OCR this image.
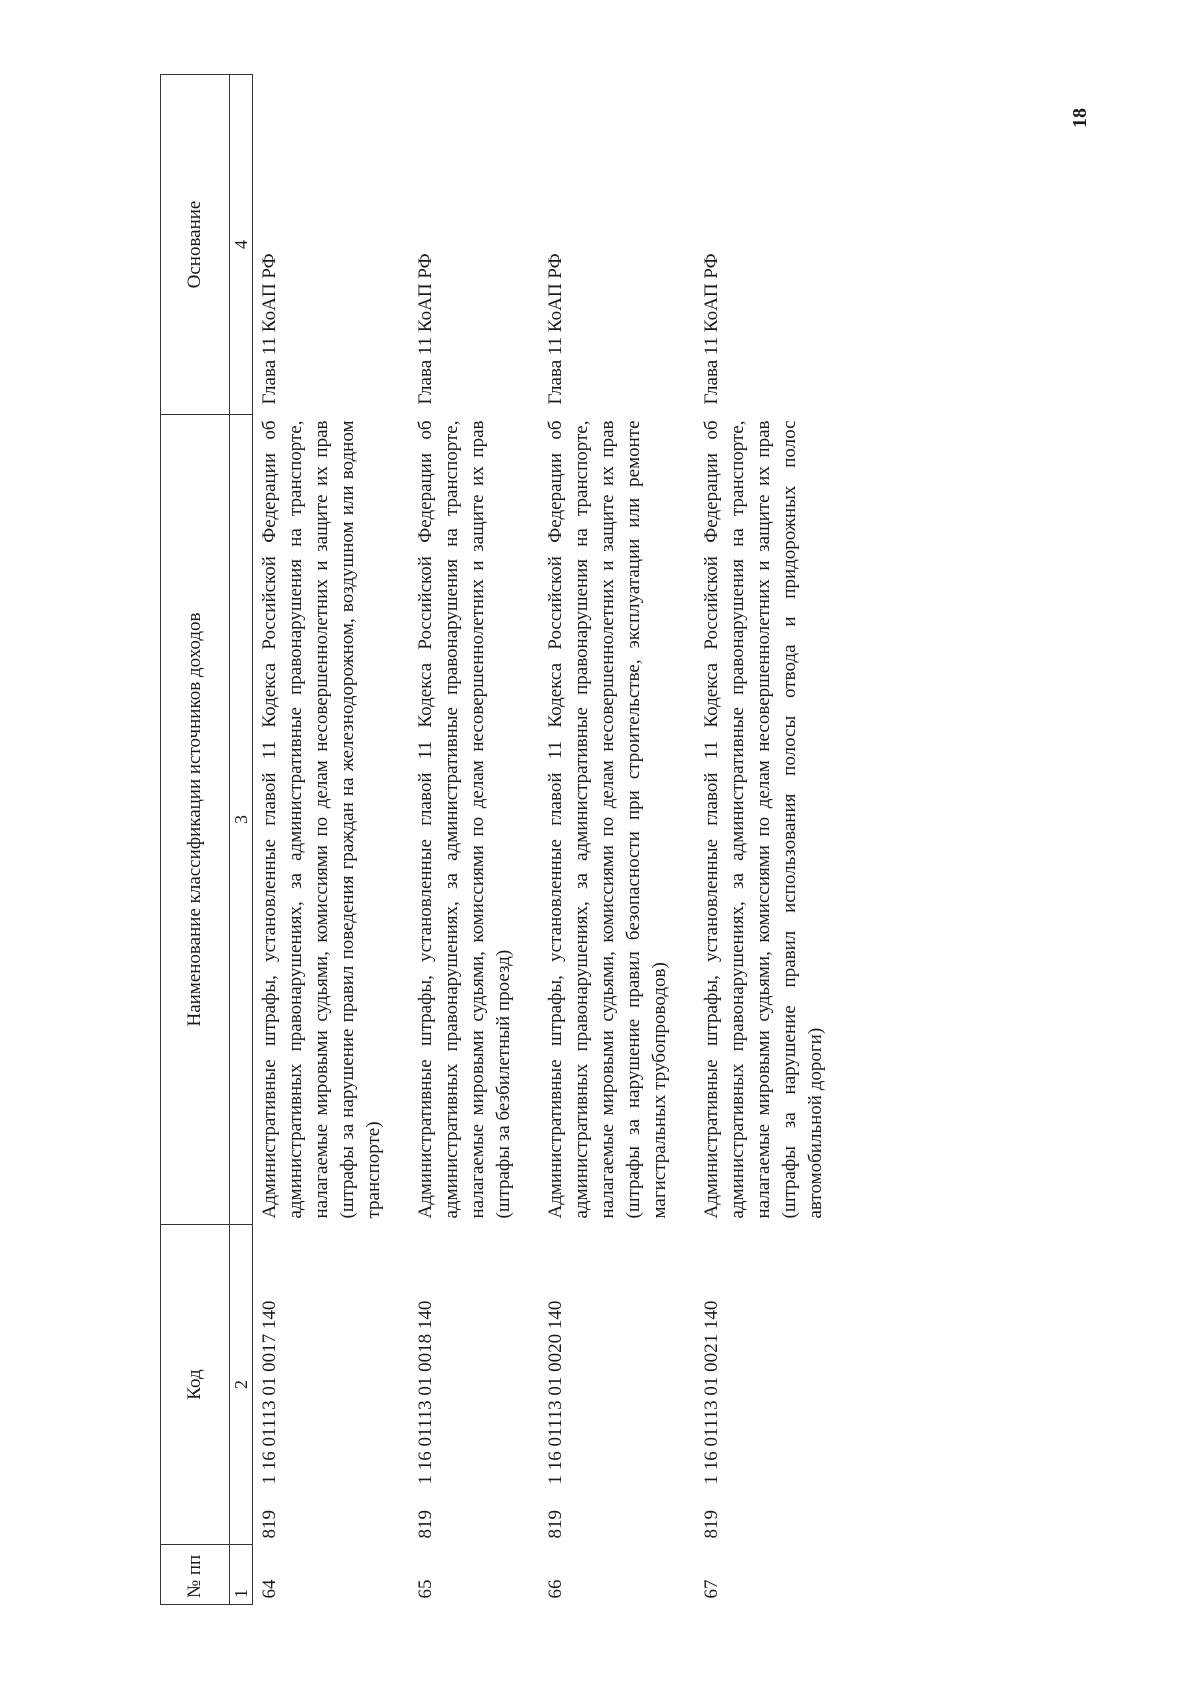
18
№ пп	Код	Наименование классификации источников доходов	Основание
1	2	3	4
64	8191 16 01113 01 0017 140	Административные штрафы, установленные главой 11 Кодекса Российской Федерации об административных правонарушениях, за административные правонарушения на транспорте, налагаемые мировыми судьями, комиссиями по делам несовершеннолетних и защите их прав (штрафы за нарушение правил поведения граждан на железнодорожном, воздушном или водном транспорте)	Глава 11 КоАП РФ
65	8191 16 01113 01 0018 140	Административные штрафы, установленные главой 11 Кодекса Российской Федерации об административных правонарушениях, за административные правонарушения на транспорте, налагаемые мировыми судьями, комиссиями по делам несовершеннолетних и защите их прав (штрафы за безбилетный проезд)	Глава 11 КоАП РФ
66	8191 16 01113 01 0020 140	Административные штрафы, установленные главой 11 Кодекса Российской Федерации об административных правонарушениях, за административные правонарушения на транспорте, налагаемые мировыми судьями, комиссиями по делам несовершеннолетних и защите их прав (штрафы за нарушение правил безопасности при строительстве, эксплуатации или ремонте магистральных трубопроводов)	Глава 11 КоАП РФ
67	8191 16 01113 01 0021 140	Административные штрафы, установленные главой 11 Кодекса Российской Федерации об административных правонарушениях, за административные правонарушения на транспорте, налагаемые мировыми судьями, комиссиями по делам несовершеннолетних и защите их прав (штрафы за нарушение правил использования полосы отвода и придорожных полос автомобильной дороги)	Глава 11 КоАП РФ
